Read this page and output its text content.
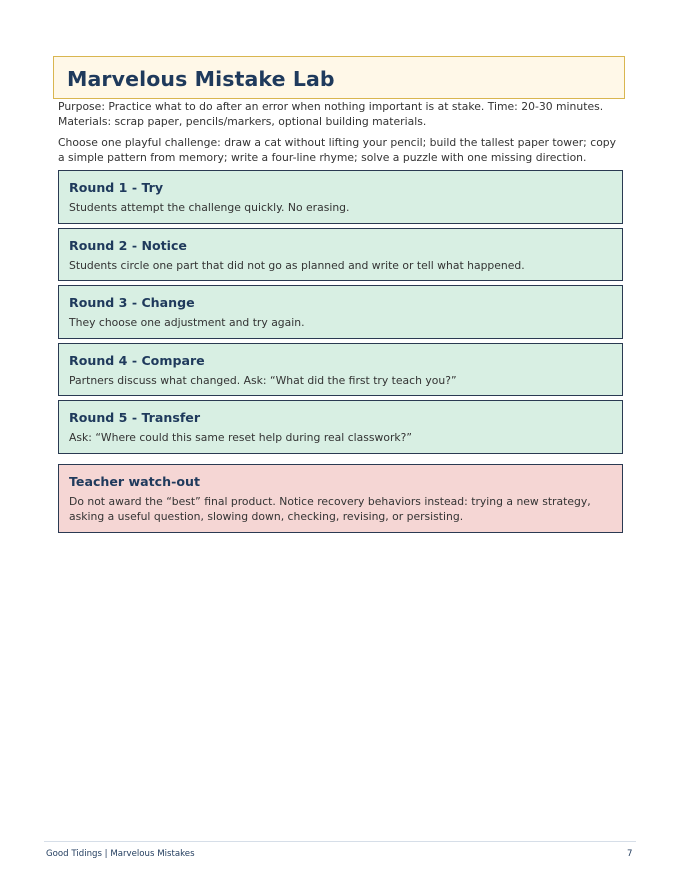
Marvelous Mistake Lab

Purpose: Practice what to do after an error when nothing important is at stake. Time: 20-30 minutes. Materials: scrap paper, pencils/markers, optional building materials.

Choose one playful challenge: draw a cat without lifting your pencil; build the tallest paper tower; copy a simple pattern from memory; write a four-line rhyme; solve a puzzle with one missing direction.

Round 1 - Try

Students attempt the challenge quickly. No erasing.

Round 2 - Notice

Students circle one part that did not go as planned and write or tell what happened.

Round 3 - Change

They choose one adjustment and try again.

Round 4 - Compare

Partners discuss what changed. Ask: “What did the first try teach you?”

Round 5 - Transfer

Ask: “Where could this same reset help during real classwork?”

Teacher watch-out

Do not award the “best” final product. Notice recovery behaviors instead: trying a new strategy, asking a useful question, slowing down, checking, revising, or persisting.

Good Tidings | Marvelous Mistakes	7
